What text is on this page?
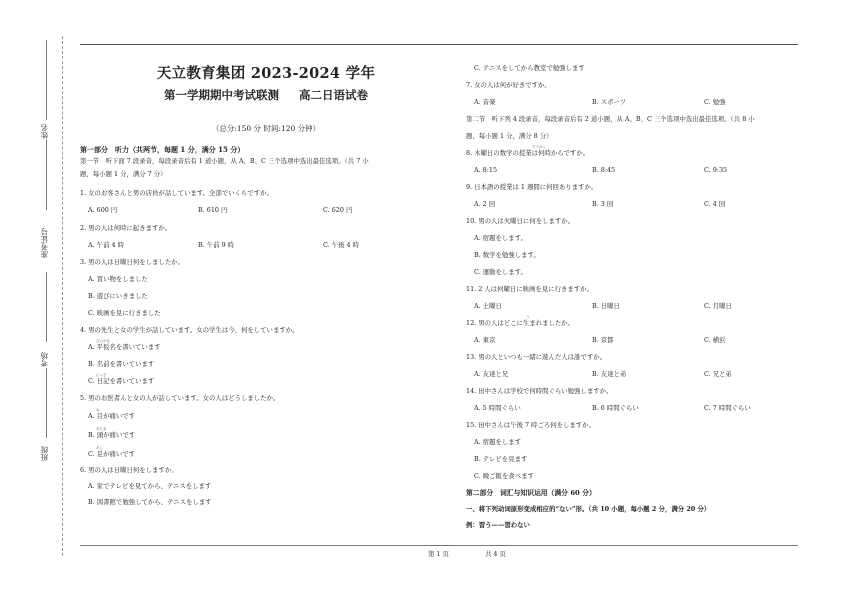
姓名
准考证号
考场
班级
天立教育集团 2023-2024 学年
第一学期期中考试联测 高二日语试卷
（总分:150 分 时间:120 分钟）
第一部分　听力（共两节，每题 1 分，满分 15 分）
第一节　听下面 7 段录音，每段录音后有 1 道小题，从 A、B、C 三个选项中选出最佳选项。（共 7 小
题，每小题 1 分，满分 7 分）
1. 女のお客さんと男の店員が話しています。全部でいくらですか。
A. 600 円	B. 610 円	C. 620 円
2. 男の人は何時に起きますか。
A. 午前 4 時	B. 午前 9 時	C. 午後 4 時
3. 男の人は日曜日何をしましたか。
A. 買い物をしました
B. 遊びにいきました
C. 映画を見に行きました
4. 男の先生と女の学生が話しています。女の学生は今、何をしていますか。
ひらがな
A. 平仮名を書いています
B. 名前を書いています
にっき
C. 日記を書いています
5. 男のお医者んと女の人が話しています。女の人はどうしましたか。
め
A. 目が痛いです
あたま
B. 頭が痛いです
あし
C. 足が痛いです
6. 男の人は日曜日何をしますか。
A. 家でテレビを見てから、テニスをします
B. 図書館で勉強してから、テニスをします
C. テニスをしてから教室で勉強します
7. 女の人は何が好きですか。
A. 音楽	B. スポーツ	C. 勉強
第二节　听下列 4 段录音，每段录音后有 2 道小题，从 A、B、C 三个选项中选出最佳选项。（共 8 小
题，每小题 1 分，满分 8 分）
すうがく
8. 木曜日の数学の授業は何時からですか。
A. 8:15	B. 8:45	C. 9:35
9. 日本語の授業は 1 週間に何回ありますか。
A. 2 回	B. 3 回	C. 4 回
10. 男の人は火曜日に何をしますか。
A. 宿題をします。
B. 数学を勉強します。
C. 運動をします。
11. 2 人は何曜日に映画を見に行きますか。
A. 土曜日	B. 日曜日	C. 月曜日
う
12. 男の人はどこに生まれましたか。
A. 東京	B. 京都	C. 横浜
13. 男の人といつも一緒に遊んだ人は誰ですか。
A. 友達と兄	B. 友達と弟	C. 兄と弟
14. 田中さんは学校で何時間ぐらい勉強しますか。
A. 5 時間ぐらい	B. 6 時間ぐらい	C. 7 時間ぐらい
15. 田中さんは午後 7 時ごろ何をしますか。
A. 宿題をします
B. テレビを見ます
C. 晩ご飯を食べます
第二部分　词汇与知识运用（满分 60 分）
一、将下列动词原形变成相应的“ない”形。（共 10 小题，每小题 2 分，满分 20 分）
例：習う——習わない
第 1 页	共 4 页
